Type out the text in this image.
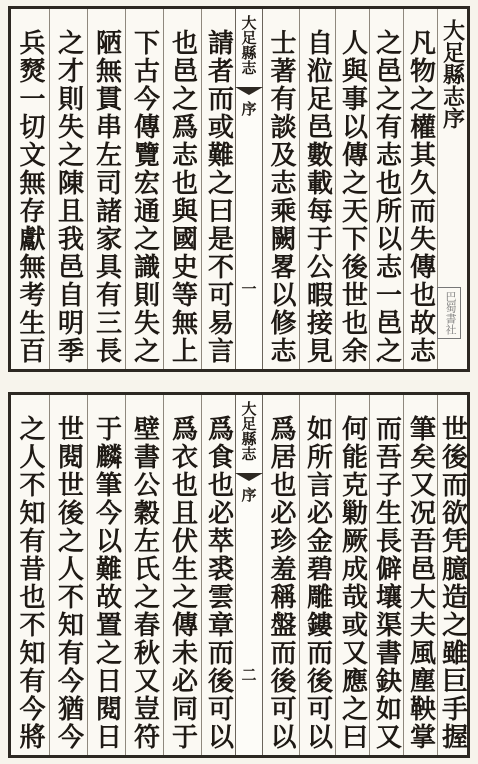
兵燹一切文無存獻無考生百 之才則失之陳且我邑自明季 陋無貫串左司諸家具有三長 下古今傳覽宏通之識則失之 也邑之爲志也與國史等無上 請者而或難之曰是不可易言 大足縣志
序
一 士著有談及志乘闕畧以修志 自涖足邑數載每于公暇接見 人與事以傳之天下後世也余 之邑之有志也所以志一邑之 凡物之權其久而失傳也故志 大足縣志序
巴蜀書社
之人不知有昔也不知有今將 世閱世後之人不知有今猶今 于麟筆今以難故置之日閱日 壁書公穀左氏之春秋又豈符 爲衣也且伏生之傳未必同于 爲食也必萃裘雲章而後可以 大足縣志
序
二 爲居也必珍羞稱盤而後可以 如所言必金碧雕鏤而後可以 何能克勦厥成哉或又應之曰 而吾子生長僻壤渠書鈌如又 筆矣又况吾邑大夫風塵鞅掌 世後而欲凭臆造之雖巨手握
